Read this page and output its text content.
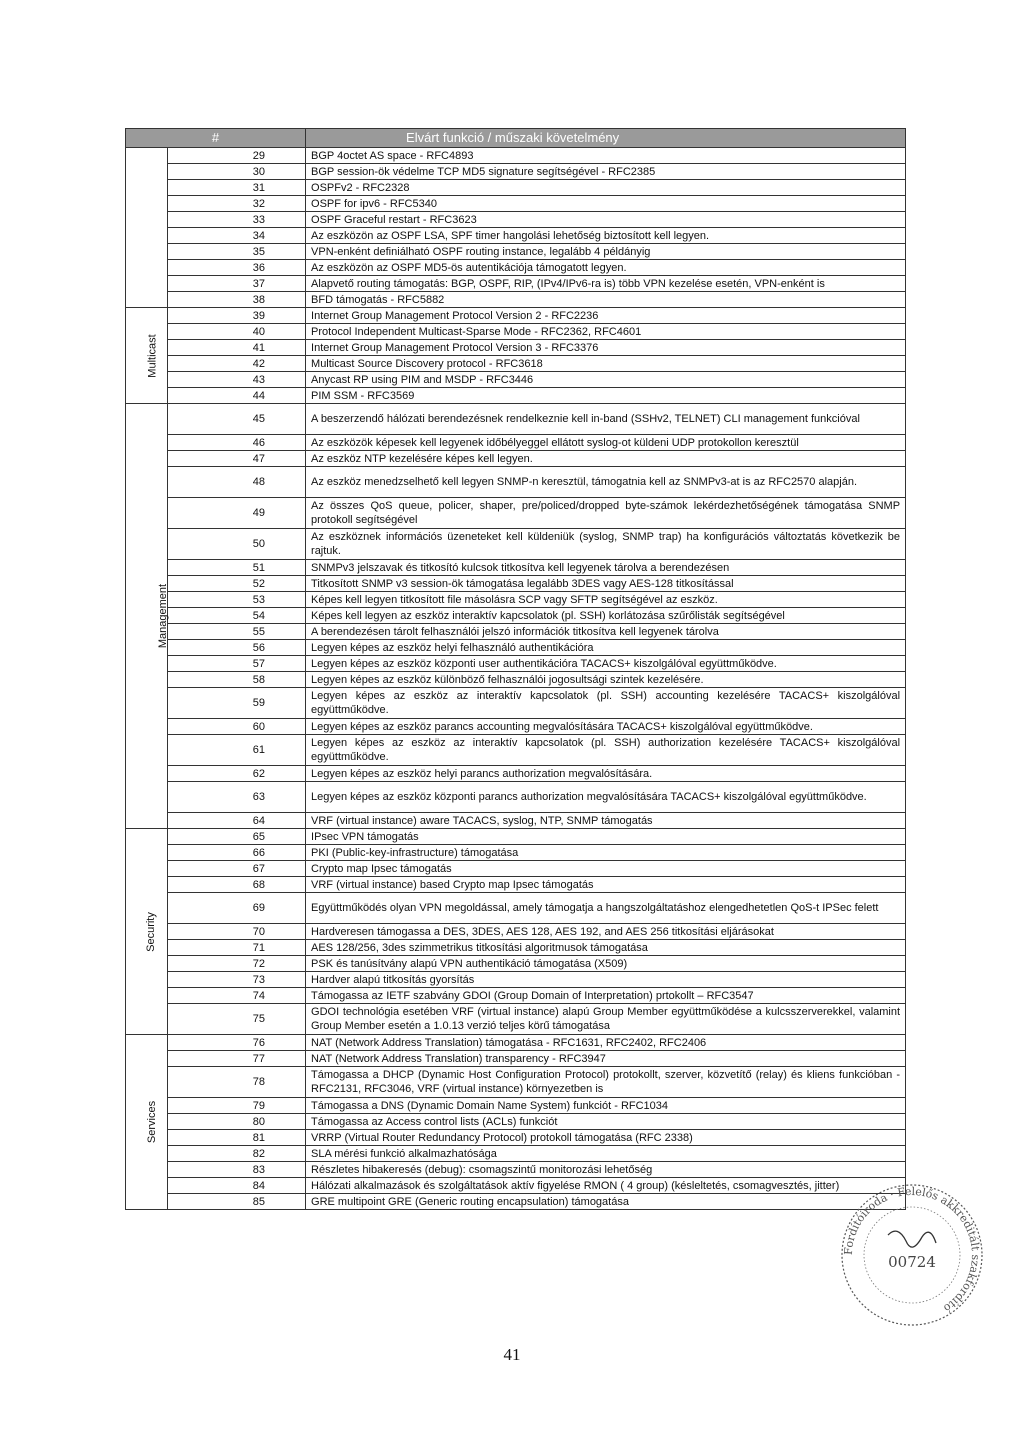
#			Elvárt funkció / műszaki követelmény
		29	BGP 4octet AS space - RFC4893
		30	BGP session-ök védelme TCP MD5 signature segítségével - RFC2385
		31	OSPFv2 - RFC2328
		32	OSPF for ipv6 - RFC5340
		33	OSPF Graceful restart - RFC3623
		34	Az eszközön az OSPF LSA, SPF timer hangolási lehetőség biztosított kell legyen.
		35	VPN-enként definiálható OSPF routing instance, legalább 4 példányig
		36	Az eszközön az OSPF MD5-ös autentikációja támogatott legyen.
		37	Alapvető routing támogatás: BGP, OSPF, RIP, (IPv4/IPv6-ra is) több VPN kezelése esetén, VPN-enként is
		38	BFD támogatás - RFC5882
Multicast		39	Internet Group Management Protocol Version 2 - RFC2236
		40	Protocol Independent Multicast-Sparse Mode - RFC2362, RFC4601
		41	Internet Group Management Protocol Version 3 - RFC3376
		42	Multicast Source Discovery protocol - RFC3618
		43	Anycast RP using PIM and MSDP - RFC3446
		44	PIM SSM - RFC3569
Management		45	A beszerzendő hálózati berendezésnek rendelkeznie kell in-band (SSHv2, TELNET) CLI management funkcióval
		46	Az eszközök képesek kell legyenek időbélyeggel ellátott syslog-ot küldeni UDP protokollon keresztül
		47	Az eszköz NTP kezelésére képes kell legyen.
		48	Az eszköz menedzselhető kell legyen SNMP-n keresztül, támogatnia kell az SNMPv3-at is az RFC2570 alapján.
		49	Az összes QoS queue, policer, shaper, pre/policed/dropped byte-számok lekérdezhetőségének támogatása SNMP protokoll segítségével
		50	Az eszköznek információs üzeneteket kell küldeniük (syslog, SNMP trap) ha konfigurációs változtatás következik be rajtuk.
		51	SNMPv3 jelszavak és titkosító kulcsok titkosítva kell legyenek tárolva a berendezésen
		52	Titkosított SNMP v3 session-ök támogatása legalább 3DES vagy AES-128 titkosítással
		53	Képes kell legyen titkosított file másolásra SCP vagy SFTP segítségével az eszköz.
		54	Képes kell legyen az eszköz interaktív kapcsolatok (pl. SSH) korlátozása szűrőlisták segítségével
		55	A berendezésen tárolt felhasználói jelszó információk titkosítva kell legyenek tárolva
		56	Legyen képes az eszköz helyi felhasználó authentikációra
		57	Legyen képes az eszköz központi user authentikációra TACACS+ kiszolgálóval együttműködve.
		58	Legyen képes az eszköz különböző felhasználói jogosultsági szintek kezelésére.
		59	Legyen képes az eszköz az interaktív kapcsolatok (pl. SSH) accounting kezelésére TACACS+ kiszolgálóval együttműködve.
		60	Legyen képes az eszköz parancs accounting megvalósítására TACACS+ kiszolgálóval együttműködve.
		61	Legyen képes az eszköz az interaktív kapcsolatok (pl. SSH) authorization kezelésére TACACS+ kiszolgálóval együttműködve.
		62	Legyen képes az eszköz helyi parancs authorization megvalósítására.
		63	Legyen képes az eszköz központi parancs authorization megvalósítására TACACS+ kiszolgálóval együttműködve.
		64	VRF (virtual instance) aware TACACS, syslog, NTP, SNMP támogatás
Security		65	IPsec VPN támogatás
		66	PKI (Public-key-infrastructure) támogatása
		67	Crypto map Ipsec támogatás
		68	VRF (virtual instance) based Crypto map Ipsec támogatás
		69	Együttműködés olyan VPN megoldással, amely támogatja a hangszolgáltatáshoz elengedhetetlen QoS-t IPSec felett
		70	Hardveresen támogassa a DES, 3DES, AES 128, AES 192, and AES 256 titkosítási eljárásokat
		71	AES 128/256, 3des szimmetrikus titkosítási algoritmusok támogatása
		72	PSK és tanúsítvány alapú VPN authentikáció támogatása (X509)
		73	Hardver alapú titkosítás gyorsítás
		74	Támogassa az IETF szabvány GDOI (Group Domain of Interpretation) prtokollt – RFC3547
		75	GDOI technológia esetében VRF (virtual instance) alapú Group Member együttműködése a kulcsszerverekkel, valamint Group Member esetén a 1.0.13 verzió teljes körű támogatása
Services		76	NAT (Network Address Translation) támogatása - RFC1631, RFC2402, RFC2406
		77	NAT (Network Address Translation) transparency - RFC3947
		78	Támogassa a DHCP (Dynamic Host Configuration Protocol) protokollt, szerver, közvetítő (relay) és kliens funkcióban - RFC2131, RFC3046, VRF (virtual instance) környezetben is
		79	Támogassa a DNS (Dynamic Domain Name System) funkciót - RFC1034
		80	Támogassa az Access control lists (ACLs) funkciót
		81	VRRP (Virtual Router Redundancy Protocol) protokoll támogatása (RFC 2338)
		82	SLA mérési funkció alkalmazhatósága
		83	Részletes hibakeresés (debug): csomagszintű monitorozási lehetőség
		84	Hálózati alkalmazások és szolgáltatások aktív figyelése RMON ( 4 group) (késleltetés, csomagvesztés, jitter)
		85	GRE multipoint GRE (Generic routing encapsulation) támogatása
41
Fordítóiroda · Felelős akkreditált szakfordító
00724
